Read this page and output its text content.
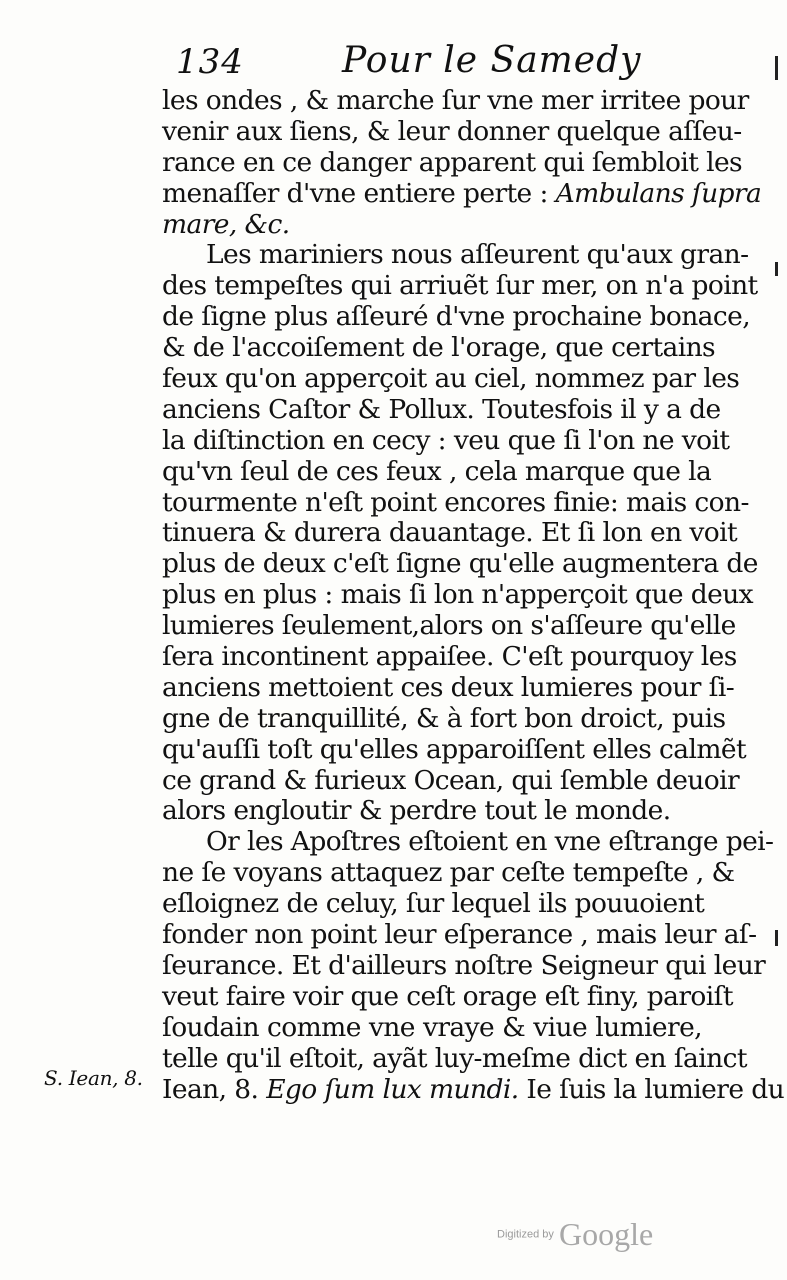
134	Pour le Samedy
les ondes , & marche ſur vne mer irritee pour
venir aux ſiens, & leur donner quelque aſſeu-
rance en ce danger apparent qui ſembloit les
menaſſer d'vne entiere perte : Ambulans ſupra
mare, &c.
Les mariniers nous aſſeurent qu'aux gran-
des tempeſtes qui arriuẽt ſur mer, on n'a point
de ſigne plus aſſeuré d'vne prochaine bonace,
& de l'accoiſement de l'orage, que certains
feux qu'on apperçoit au ciel, nommez par les
anciens Caſtor & Pollux. Toutesfois il y a de
la diſtinction en cecy : veu que ſi l'on ne voit
qu'vn ſeul de ces feux , cela marque que la
tourmente n'eſt point encores finie: mais con-
tinuera & durera dauantage. Et ſi lon en voit
plus de deux c'eſt ſigne qu'elle augmentera de
plus en plus : mais ſi lon n'apperçoit que deux
lumieres ſeulement,alors on s'aſſeure qu'elle
ſera incontinent appaiſee. C'eſt pourquoy les
anciens mettoient ces deux lumieres pour ſi-
gne de tranquillité, & à fort bon droict, puis
qu'auſſi toſt qu'elles apparoiſſent elles calmẽt
ce grand & furieux Ocean, qui ſemble deuoir
alors engloutir & perdre tout le monde.
Or les Apoſtres eſtoient en vne eſtrange pei-
ne ſe voyans attaquez par ceſte tempeſte , &
eſloignez de celuy, ſur lequel ils pouuoient
fonder non point leur eſperance , mais leur aſ-
ſeurance. Et d'ailleurs noſtre Seigneur qui leur
veut faire voir que ceſt orage eſt finy, paroiſt
ſoudain comme vne vraye & viue lumiere,
telle qu'il eſtoit, ayãt luy-meſme dict en ſainct
Iean, 8. Ego ſum lux mundi. Ie ſuis la lumiere du
S. Iean, 8.
Digitized by Google
